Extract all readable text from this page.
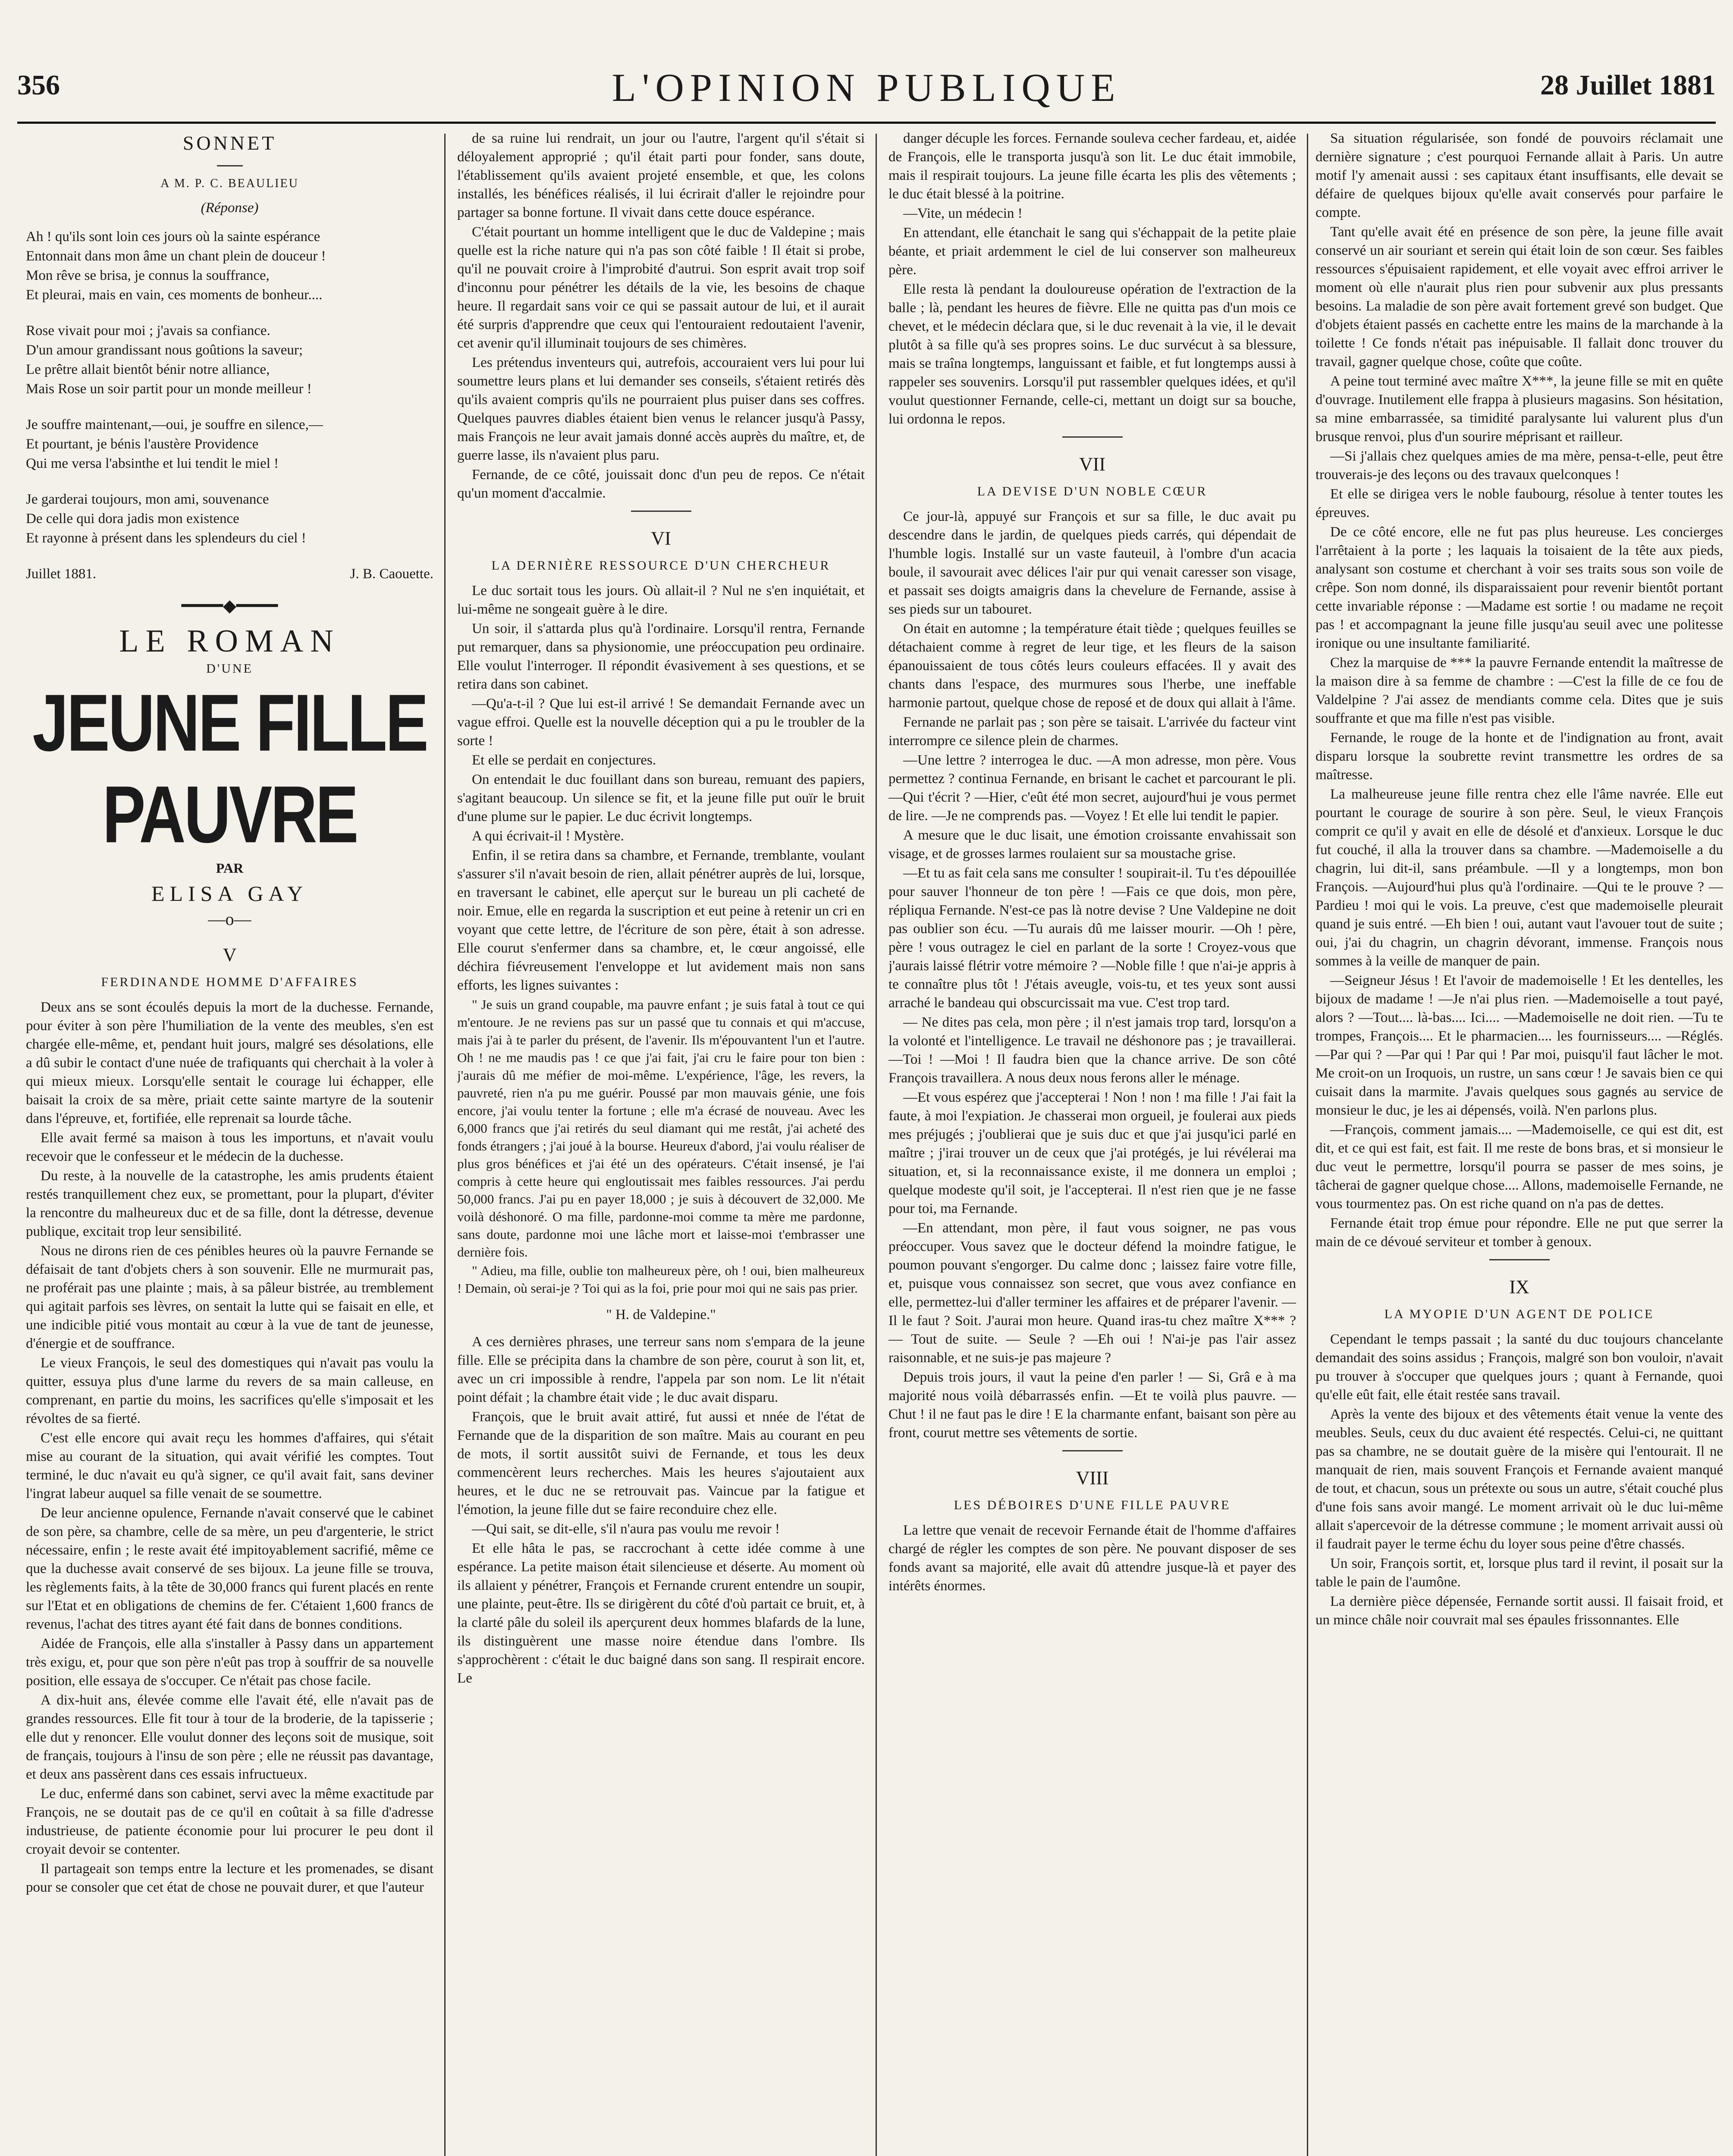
356	L'OPINION PUBLIQUE	28 Juillet 1881
SONNET
A M. P. C. BEAULIEU
(Réponse)

Ah ! qu'ils sont loin ces jours où la sainte espérance

Entonnait dans mon âme un chant plein de douceur !

Mon rêve se brisa, je connus la souffrance,

Et pleurai, mais en vain, ces moments de bonheur....

Rose vivait pour moi ; j'avais sa confiance.

D'un amour grandissant nous goûtions la saveur;

Le prêtre allait bientôt bénir notre alliance,

Mais Rose un soir partit pour un monde meilleur !

Je souffre maintenant,—oui, je souffre en silence,—

Et pourtant, je bénis l'austère Providence

Qui me versa l'absinthe et lui tendit le miel !

Je garderai toujours, mon ami, souvenance

De celle qui dora jadis mon existence

Et rayonne à présent dans les splendeurs du ciel !

Juillet 1881.	J. B. Caouette.
━━━━◆━━━━
LE ROMAN
D'UNE
JEUNE FILLE PAUVRE
PAR
ELISA GAY
—o—
V
FERDINANDE HOMME D'AFFAIRES

Deux ans se sont écoulés depuis la mort de la duchesse. Fernande, pour éviter à son père l'humiliation de la vente des meubles, s'en est chargée elle-même, et, pendant huit jours, malgré ses désolations, elle a dû subir le contact d'une nuée de trafiquants qui cherchait à la voler à qui mieux mieux. Lorsqu'elle sentait le courage lui échapper, elle baisait la croix de sa mère, priait cette sainte martyre de la soutenir dans l'épreuve, et, fortifiée, elle reprenait sa lourde tâche.

Elle avait fermé sa maison à tous les importuns, et n'avait voulu recevoir que le confesseur et le médecin de la duchesse.

Du reste, à la nouvelle de la catastrophe, les amis prudents étaient restés tranquillement chez eux, se promettant, pour la plupart, d'éviter la rencontre du malheureux duc et de sa fille, dont la détresse, devenue publique, excitait trop leur sensibilité.

Nous ne dirons rien de ces pénibles heures où la pauvre Fernande se défaisait de tant d'objets chers à son souvenir. Elle ne murmurait pas, ne proférait pas une plainte ; mais, à sa pâleur bistrée, au tremblement qui agitait parfois ses lèvres, on sentait la lutte qui se faisait en elle, et une indicible pitié vous montait au cœur à la vue de tant de jeunesse, d'énergie et de souffrance.

Le vieux François, le seul des domestiques qui n'avait pas voulu la quitter, essuya plus d'une larme du revers de sa main calleuse, en comprenant, en partie du moins, les sacrifices qu'elle s'imposait et les révoltes de sa fierté.

C'est elle encore qui avait reçu les hommes d'affaires, qui s'était mise au courant de la situation, qui avait vérifié les comptes. Tout terminé, le duc n'avait eu qu'à signer, ce qu'il avait fait, sans deviner l'ingrat labeur auquel sa fille venait de se soumettre.

De leur ancienne opulence, Fernande n'avait conservé que le cabinet de son père, sa chambre, celle de sa mère, un peu d'argenterie, le strict nécessaire, enfin ; le reste avait été impitoyablement sacrifié, même ce que la duchesse avait conservé de ses bijoux. La jeune fille se trouva, les règlements faits, à la tête de 30,000 francs qui furent placés en rente sur l'Etat et en obligations de chemins de fer. C'étaient 1,600 francs de revenus, l'achat des titres ayant été fait dans de bonnes conditions.

Aidée de François, elle alla s'installer à Passy dans un appartement très exigu, et, pour que son père n'eût pas trop à souffrir de sa nouvelle position, elle essaya de s'occuper. Ce n'était pas chose facile.

A dix-huit ans, élevée comme elle l'avait été, elle n'avait pas de grandes ressources. Elle fit tour à tour de la broderie, de la tapisserie ; elle dut y renoncer. Elle voulut donner des leçons soit de musique, soit de français, toujours à l'insu de son père ; elle ne réussit pas davantage, et deux ans passèrent dans ces essais infructueux.

Le duc, enfermé dans son cabinet, servi avec la même exactitude par François, ne se doutait pas de ce qu'il en coûtait à sa fille d'adresse industrieuse, de patiente économie pour lui procurer le peu dont il croyait devoir se contenter.

Il partageait son temps entre la lecture et les promenades, se disant pour se consoler que cet état de chose ne pouvait durer, et que l'auteur

de sa ruine lui rendrait, un jour ou l'autre, l'argent qu'il s'était si déloyalement approprié ; qu'il était parti pour fonder, sans doute, l'établissement qu'ils avaient projeté ensemble, et que, les colons installés, les bénéfices réalisés, il lui écrirait d'aller le rejoindre pour partager sa bonne fortune. Il vivait dans cette douce espérance.

C'était pourtant un homme intelligent que le duc de Valdepine ; mais quelle est la riche nature qui n'a pas son côté faible ! Il était si probe, qu'il ne pouvait croire à l'improbité d'autrui. Son esprit avait trop soif d'inconnu pour pénétrer les détails de la vie, les besoins de chaque heure. Il regardait sans voir ce qui se passait autour de lui, et il aurait été surpris d'apprendre que ceux qui l'entouraient redoutaient l'avenir, cet avenir qu'il illuminait toujours de ses chimères.

Les prétendus inventeurs qui, autrefois, accouraient vers lui pour lui soumettre leurs plans et lui demander ses conseils, s'étaient retirés dès qu'ils avaient compris qu'ils ne pourraient plus puiser dans ses coffres. Quelques pauvres diables étaient bien venus le relancer jusqu'à Passy, mais François ne leur avait jamais donné accès auprès du maître, et, de guerre lasse, ils n'avaient plus paru.

Fernande, de ce côté, jouissait donc d'un peu de repos. Ce n'était qu'un moment d'accalmie.

VI
LA DERNIÈRE RESSOURCE D'UN CHERCHEUR

Le duc sortait tous les jours. Où allait-il ? Nul ne s'en inquiétait, et lui-même ne songeait guère à le dire.

Un soir, il s'attarda plus qu'à l'ordinaire. Lorsqu'il rentra, Fernande put remarquer, dans sa physionomie, une préoccupation peu ordinaire. Elle voulut l'interroger. Il répondit évasivement à ses questions, et se retira dans son cabinet.

—Qu'a-t-il ? Que lui est-il arrivé ! Se demandait Fernande avec un vague effroi. Quelle est la nouvelle déception qui a pu le troubler de la sorte !

Et elle se perdait en conjectures.

On entendait le duc fouillant dans son bureau, remuant des papiers, s'agitant beaucoup. Un silence se fit, et la jeune fille put ouïr le bruit d'une plume sur le papier. Le duc écrivit longtemps.

A qui écrivait-il ! Mystère.

Enfin, il se retira dans sa chambre, et Fernande, tremblante, voulant s'assurer s'il n'avait besoin de rien, allait pénétrer auprès de lui, lorsque, en traversant le cabinet, elle aperçut sur le bureau un pli cacheté de noir. Emue, elle en regarda la suscription et eut peine à retenir un cri en voyant que cette lettre, de l'écriture de son père, était à son adresse. Elle courut s'enfermer dans sa chambre, et, le cœur angoissé, elle déchira fiévreusement l'enveloppe et lut avidement mais non sans efforts, les lignes suivantes :

" Je suis un grand coupable, ma pauvre enfant ; je suis fatal à tout ce qui m'entoure. Je ne reviens pas sur un passé que tu connais et qui m'accuse, mais j'ai à te parler du présent, de l'avenir. Ils m'épouvantent l'un et l'autre. Oh ! ne me maudis pas ! ce que j'ai fait, j'ai cru le faire pour ton bien : j'aurais dû me méfier de moi-même. L'expérience, l'âge, les revers, la pauvreté, rien n'a pu me guérir. Poussé par mon mauvais génie, une fois encore, j'ai voulu tenter la fortune ; elle m'a écrasé de nouveau. Avec les 6,000 francs que j'ai retirés du seul diamant qui me restât, j'ai acheté des fonds étrangers ; j'ai joué à la bourse. Heureux d'abord, j'ai voulu réaliser de plus gros bénéfices et j'ai été un des opérateurs. C'était insensé, je l'ai compris à cette heure qui engloutissait mes faibles ressources. J'ai perdu 50,000 francs. J'ai pu en payer 18,000 ; je suis à découvert de 32,000. Me voilà déshonoré. O ma fille, pardonne-moi comme ta mère me pardonne, sans doute, pardonne moi une lâche mort et laisse-moi t'embrasser une dernière fois.

" Adieu, ma fille, oublie ton malheureux père, oh ! oui, bien malheureux ! Demain, où serai-je ? Toi qui as la foi, prie pour moi qui ne sais pas prier.

" H. de Valdepine."

A ces dernières phrases, une terreur sans nom s'empara de la jeune fille. Elle se précipita dans la chambre de son père, courut à son lit, et, avec un cri impossible à rendre, l'appela par son nom. Le lit n'était point défait ; la chambre était vide ; le duc avait disparu.

François, que le bruit avait attiré, fut aussi et nnée de l'état de Fernande que de la disparition de son maître. Mais au courant en peu de mots, il sortit aussitôt suivi de Fernande, et tous les deux commencèrent leurs recherches. Mais les heures s'ajoutaient aux heures, et le duc ne se retrouvait pas. Vaincue par la fatigue et l'émotion, la jeune fille dut se faire reconduire chez elle.

—Qui sait, se dit-elle, s'il n'aura pas voulu me revoir !

Et elle hâta le pas, se raccrochant à cette idée comme à une espérance. La petite maison était silencieuse et déserte. Au moment où ils allaient y pénétrer, François et Fernande crurent entendre un soupir, une plainte, peut-être. Ils se dirigèrent du côté d'où partait ce bruit, et, à la clarté pâle du soleil ils aperçurent deux hommes blafards de la lune, ils distinguèrent une masse noire étendue dans l'ombre. Ils s'approchèrent : c'était le duc baigné dans son sang. Il respirait encore. Le

danger décuple les forces. Fernande souleva cecher fardeau, et, aidée de François, elle le transporta jusqu'à son lit. Le duc était immobile, mais il respirait toujours. La jeune fille écarta les plis des vêtements ; le duc était blessé à la poitrine.

—Vite, un médecin !

En attendant, elle étanchait le sang qui s'échappait de la petite plaie béante, et priait ardemment le ciel de lui conserver son malheureux père.

Elle resta là pendant la douloureuse opération de l'extraction de la balle ; là, pendant les heures de fièvre. Elle ne quitta pas d'un mois ce chevet, et le médecin déclara que, si le duc revenait à la vie, il le devait plutôt à sa fille qu'à ses propres soins. Le duc survécut à sa blessure, mais se traîna longtemps, languissant et faible, et fut longtemps aussi à rappeler ses souvenirs. Lorsqu'il put rassembler quelques idées, et qu'il voulut questionner Fernande, celle-ci, mettant un doigt sur sa bouche, lui ordonna le repos.

VII
LA DEVISE D'UN NOBLE CŒUR

Ce jour-là, appuyé sur François et sur sa fille, le duc avait pu descendre dans le jardin, de quelques pieds carrés, qui dépendait de l'humble logis. Installé sur un vaste fauteuil, à l'ombre d'un acacia boule, il savourait avec délices l'air pur qui venait caresser son visage, et passait ses doigts amaigris dans la chevelure de Fernande, assise à ses pieds sur un tabouret.

On était en automne ; la température était tiède ; quelques feuilles se détachaient comme à regret de leur tige, et les fleurs de la saison épanouissaient de tous côtés leurs couleurs effacées. Il y avait des chants dans l'espace, des murmures sous l'herbe, une ineffable harmonie partout, quelque chose de reposé et de doux qui allait à l'âme.

Fernande ne parlait pas ; son père se taisait. L'arrivée du facteur vint interrompre ce silence plein de charmes.

—Une lettre ? interrogea le duc. —A mon adresse, mon père. Vous permettez ? continua Fernande, en brisant le cachet et parcourant le pli. —Qui t'écrit ? —Hier, c'eût été mon secret, aujourd'hui je vous permet de lire. —Je ne comprends pas. —Voyez ! Et elle lui tendit le papier.

A mesure que le duc lisait, une émotion croissante envahissait son visage, et de grosses larmes roulaient sur sa moustache grise.

—Et tu as fait cela sans me consulter ! soupirait-il. Tu t'es dépouillée pour sauver l'honneur de ton père ! —Fais ce que dois, mon père, répliqua Fernande. N'est-ce pas là notre devise ? Une Valdepine ne doit pas oublier son écu. —Tu aurais dû me laisser mourir. —Oh ! père, père ! vous outragez le ciel en parlant de la sorte ! Croyez-vous que j'aurais laissé flétrir votre mémoire ? —Noble fille ! que n'ai-je appris à te connaître plus tôt ! J'étais aveugle, vois-tu, et tes yeux sont aussi arraché le bandeau qui obscurcissait ma vue. C'est trop tard.

— Ne dites pas cela, mon père ; il n'est jamais trop tard, lorsqu'on a la volonté et l'intelligence. Le travail ne déshonore pas ; je travaillerai. —Toi ! —Moi ! Il faudra bien que la chance arrive. De son côté François travaillera. A nous deux nous ferons aller le ménage.

—Et vous espérez que j'accepterai ! Non ! non ! ma fille ! J'ai fait la faute, à moi l'expiation. Je chasserai mon orgueil, je foulerai aux pieds mes préjugés ; j'oublierai que je suis duc et que j'ai jusqu'ici parlé en maître ; j'irai trouver un de ceux que j'ai protégés, je lui révélerai ma situation, et, si la reconnaissance existe, il me donnera un emploi ; quelque modeste qu'il soit, je l'accepterai. Il n'est rien que je ne fasse pour toi, ma Fernande.

—En attendant, mon père, il faut vous soigner, ne pas vous préoccuper. Vous savez que le docteur défend la moindre fatigue, le poumon pouvant s'engorger. Du calme donc ; laissez faire votre fille, et, puisque vous connaissez son secret, que vous avez confiance en elle, permettez-lui d'aller terminer les affaires et de préparer l'avenir. —Il le faut ? Soit. J'aurai mon heure. Quand iras-tu chez maître X*** ? — Tout de suite. — Seule ? —Eh oui ! N'ai-je pas l'air assez raisonnable, et ne suis-je pas majeure ?

Depuis trois jours, il vaut la peine d'en parler ! — Si, Grâ e à ma majorité nous voilà débarrassés enfin. —Et te voilà plus pauvre. —Chut ! il ne faut pas le dire ! E la charmante enfant, baisant son père au front, courut mettre ses vêtements de sortie.

VIII
LES DÉBOIRES D'UNE FILLE PAUVRE

La lettre que venait de recevoir Fernande était de l'homme d'affaires chargé de régler les comptes de son père. Ne pouvant disposer de ses fonds avant sa majorité, elle avait dû attendre jusque-là et payer des intérêts énormes.

Sa situation régularisée, son fondé de pouvoirs réclamait une dernière signature ; c'est pourquoi Fernande allait à Paris. Un autre motif l'y amenait aussi : ses capitaux étant insuffisants, elle devait se défaire de quelques bijoux qu'elle avait conservés pour parfaire le compte.

Tant qu'elle avait été en présence de son père, la jeune fille avait conservé un air souriant et serein qui était loin de son cœur. Ses faibles ressources s'épuisaient rapidement, et elle voyait avec effroi arriver le moment où elle n'aurait plus rien pour subvenir aux plus pressants besoins. La maladie de son père avait fortement grevé son budget. Que d'objets étaient passés en cachette entre les mains de la marchande à la toilette ! Ce fonds n'était pas inépuisable. Il fallait donc trouver du travail, gagner quelque chose, coûte que coûte.

A peine tout terminé avec maître X***, la jeune fille se mit en quête d'ouvrage. Inutilement elle frappa à plusieurs magasins. Son hésitation, sa mine embarrassée, sa timidité paralysante lui valurent plus d'un brusque renvoi, plus d'un sourire méprisant et railleur.

—Si j'allais chez quelques amies de ma mère, pensa-t-elle, peut être trouverais-je des leçons ou des travaux quelconques !

Et elle se dirigea vers le noble faubourg, résolue à tenter toutes les épreuves.

De ce côté encore, elle ne fut pas plus heureuse. Les concierges l'arrêtaient à la porte ; les laquais la toisaient de la tête aux pieds, analysant son costume et cherchant à voir ses traits sous son voile de crêpe. Son nom donné, ils disparaissaient pour revenir bientôt portant cette invariable réponse : —Madame est sortie ! ou madame ne reçoit pas ! et accompagnant la jeune fille jusqu'au seuil avec une politesse ironique ou une insultante familiarité.

Chez la marquise de *** la pauvre Fernande entendit la maîtresse de la maison dire à sa femme de chambre : —C'est la fille de ce fou de Valdelpine ? J'ai assez de mendiants comme cela. Dites que je suis souffrante et que ma fille n'est pas visible.

Fernande, le rouge de la honte et de l'indignation au front, avait disparu lorsque la soubrette revint transmettre les ordres de sa maîtresse.

La malheureuse jeune fille rentra chez elle l'âme navrée. Elle eut pourtant le courage de sourire à son père. Seul, le vieux François comprit ce qu'il y avait en elle de désolé et d'anxieux. Lorsque le duc fut couché, il alla la trouver dans sa chambre. —Mademoiselle a du chagrin, lui dit-il, sans préambule. —Il y a longtemps, mon bon François. —Aujourd'hui plus qu'à l'ordinaire. —Qui te le prouve ? —Pardieu ! moi qui le vois. La preuve, c'est que mademoiselle pleurait quand je suis entré. —Eh bien ! oui, autant vaut l'avouer tout de suite ; oui, j'ai du chagrin, un chagrin dévorant, immense. François nous sommes à la veille de manquer de pain.

—Seigneur Jésus ! Et l'avoir de mademoiselle ! Et les dentelles, les bijoux de madame ! —Je n'ai plus rien. —Mademoiselle a tout payé, alors ? —Tout.... là-bas.... Ici.... —Mademoiselle ne doit rien. —Tu te trompes, François.... Et le pharmacien.... les fournisseurs.... —Réglés. —Par qui ? —Par qui ! Par qui ! Par moi, puisqu'il faut lâcher le mot. Me croit-on un Iroquois, un rustre, un sans cœur ! Je savais bien ce qui cuisait dans la marmite. J'avais quelques sous gagnés au service de monsieur le duc, je les ai dépensés, voilà. N'en parlons plus.

—François, comment jamais.... —Mademoiselle, ce qui est dit, est dit, et ce qui est fait, est fait. Il me reste de bons bras, et si monsieur le duc veut le permettre, lorsqu'il pourra se passer de mes soins, je tâcherai de gagner quelque chose.... Allons, mademoiselle Fernande, ne vous tourmentez pas. On est riche quand on n'a pas de dettes.

Fernande était trop émue pour répondre. Elle ne put que serrer la main de ce dévoué serviteur et tomber à genoux.

IX
LA MYOPIE D'UN AGENT DE POLICE

Cependant le temps passait ; la santé du duc toujours chancelante demandait des soins assidus ; François, malgré son bon vouloir, n'avait pu trouver à s'occuper que quelques jours ; quant à Fernande, quoi qu'elle eût fait, elle était restée sans travail.

Après la vente des bijoux et des vêtements était venue la vente des meubles. Seuls, ceux du duc avaient été respectés. Celui-ci, ne quittant pas sa chambre, ne se doutait guère de la misère qui l'entourait. Il ne manquait de rien, mais souvent François et Fernande avaient manqué de tout, et chacun, sous un prétexte ou sous un autre, s'était couché plus d'une fois sans avoir mangé. Le moment arrivait où le duc lui-même allait s'apercevoir de la détresse commune ; le moment arrivait aussi où il faudrait payer le terme échu du loyer sous peine d'être chassés.

Un soir, François sortit, et, lorsque plus tard il revint, il posait sur la table le pain de l'aumône.

La dernière pièce dépensée, Fernande sortit aussi. Il faisait froid, et un mince châle noir couvrait mal ses épaules frissonnantes. Elle
